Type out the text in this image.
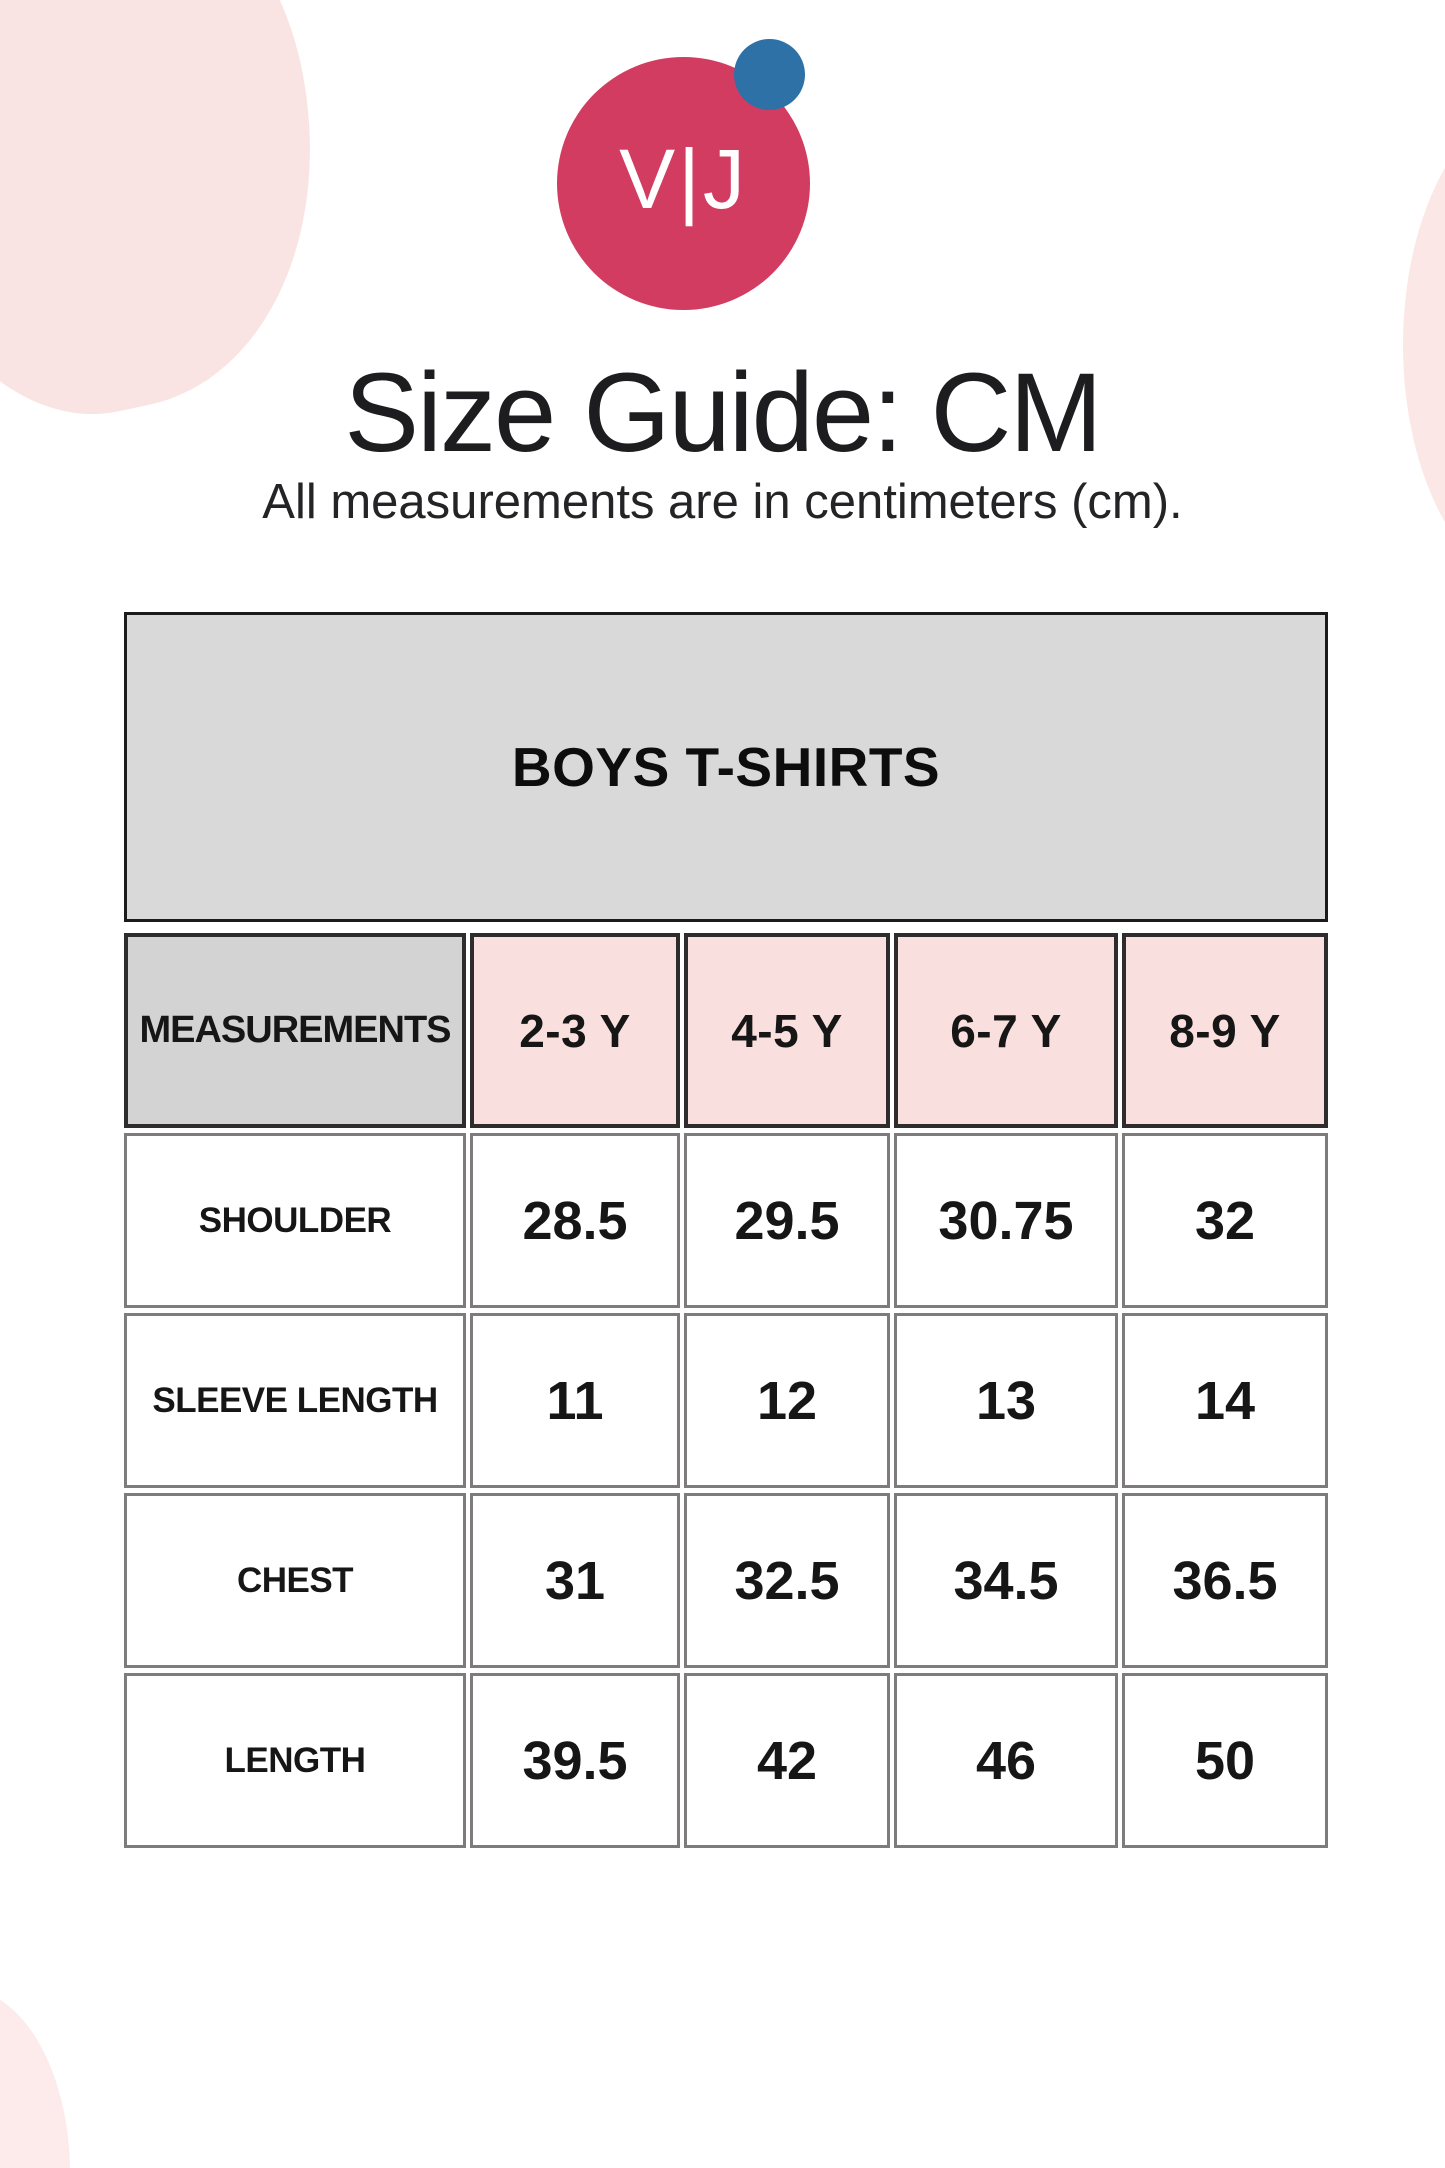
V|J
Size Guide: CM
All measurements are in centimeters (cm).
BOYS T-SHIRTS
MEASUREMENTS	2-3 Y	4-5 Y	6-7 Y	8-9 Y
SHOULDER	28.5	29.5	30.75	32
SLEEVE LENGTH	11	12	13	14
CHEST	31	32.5	34.5	36.5
LENGTH	39.5	42	46	50
